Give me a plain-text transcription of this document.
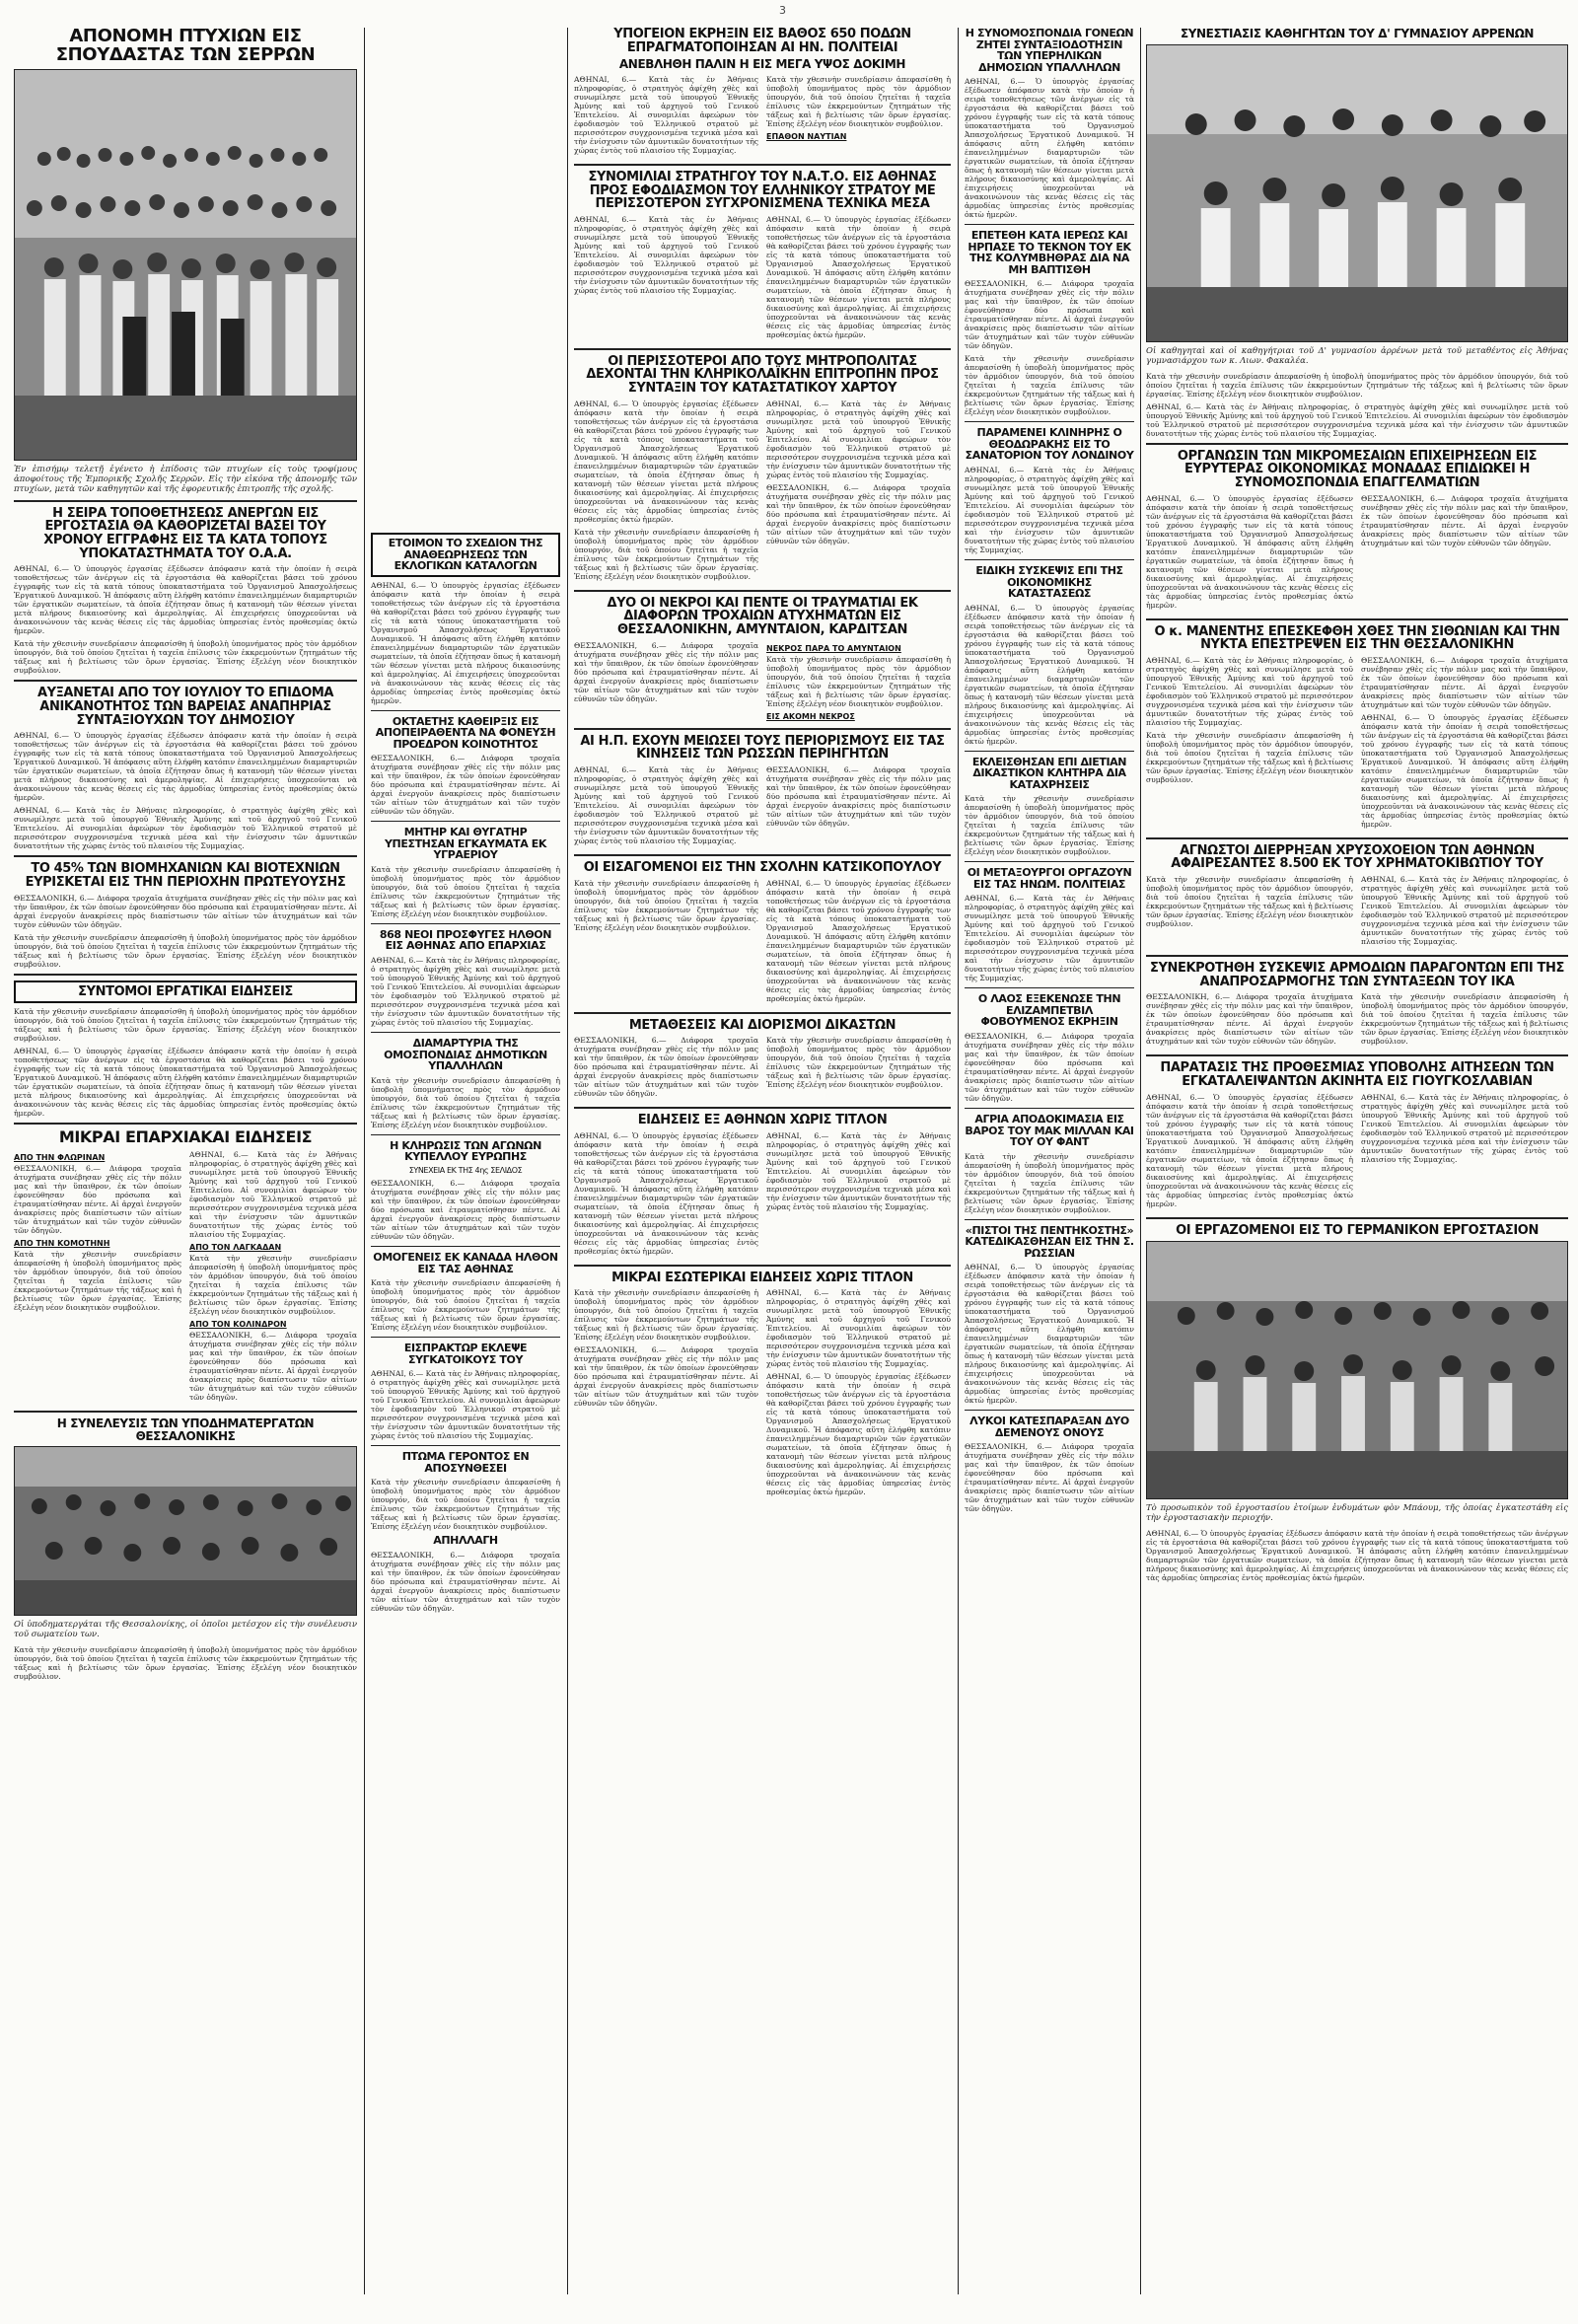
3
ΑΠΟΝΟΜΗ ΠΤΥΧΙΩΝ ΕΙΣ ΣΠΟΥΔΑΣΤΑΣ ΤΩΝ ΣΕΡΡΩΝ
Ἐν ἐπισήμῳ τελετῇ ἐγένετο ἡ ἐπίδοσις τῶν πτυχίων εἰς τοὺς τροφίμους ἀποφοίτους τῆς Ἐμπορικῆς Σχολῆς Σερρῶν. Εἰς τὴν εἰκόνα τῆς ἀπονομῆς τῶν πτυχίων, μετὰ τῶν καθηγητῶν καὶ τῆς ἐφορευτικῆς ἐπιτροπῆς τῆς σχολῆς.
Η ΣΕΙΡΑ ΤΟΠΟΘΕΤΗΣΕΩΣ ΑΝΕΡΓΩΝ ΕΙΣ ΕΡΓΟΣΤΑΣΙΑ ΘΑ ΚΑΘΟΡΙΖΕΤΑΙ ΒΑΣΕΙ ΤΟΥ ΧΡΟΝΟΥ ΕΓΓΡΑΦΗΣ ΕΙΣ ΤΑ ΚΑΤΑ ΤΟΠΟΥΣ ΥΠΟΚΑΤΑΣΤΗΜΑΤΑ ΤΟΥ Ο.Α.Α.
ΑΘΗΝΑΙ, 6.— Ὁ ὑπουργὸς ἐργασίας ἐξέδωσεν ἀπόφασιν κατὰ τὴν ὁποίαν ἡ σειρὰ τοποθετήσεως τῶν ἀνέργων εἰς τὰ ἐργοστάσια θὰ καθορίζεται βάσει τοῦ χρόνου ἐγγραφῆς των εἰς τὰ κατὰ τόπους ὑποκαταστήματα τοῦ Ὀργανισμοῦ Ἀπασχολήσεως Ἐργατικοῦ Δυναμικοῦ. Ἡ ἀπόφασις αὕτη ἐλήφθη κατόπιν ἐπανειλημμένων διαμαρτυριῶν τῶν ἐργατικῶν σωματείων, τὰ ὁποῖα ἐζήτησαν ὅπως ἡ κατανομὴ τῶν θέσεων γίνεται μετὰ πλήρους δικαιοσύνης καὶ ἀμεροληψίας. Αἱ ἐπιχειρήσεις ὑποχρεοῦνται νὰ ἀνακοινώνουν τὰς κενὰς θέσεις εἰς τὰς ἁρμοδίας ὑπηρεσίας ἐντὸς προθεσμίας ὀκτὼ ἡμερῶν.
Κατὰ τὴν χθεσινὴν συνεδρίασιν ἀπεφασίσθη ἡ ὑποβολὴ ὑπομνήματος πρὸς τὸν ἁρμόδιον ὑπουργόν, διὰ τοῦ ὁποίου ζητεῖται ἡ ταχεῖα ἐπίλυσις τῶν ἐκκρεμούντων ζητημάτων τῆς τάξεως καὶ ἡ βελτίωσις τῶν ὅρων ἐργασίας. Ἐπίσης ἐξελέγη νέον διοικητικὸν συμβούλιον.
ΑΥΞΑΝΕΤΑΙ ΑΠΟ ΤΟΥ ΙΟΥΛΙΟΥ ΤΟ ΕΠΙΔΟΜΑ ΑΝΙΚΑΝΟΤΗΤΟΣ ΤΩΝ ΒΑΡΕΙΑΣ ΑΝΑΠΗΡΙΑΣ ΣΥΝΤΑΞΙΟΥΧΩΝ ΤΟΥ ΔΗΜΟΣΙΟΥ
ΑΘΗΝΑΙ, 6.— Ὁ ὑπουργὸς ἐργασίας ἐξέδωσεν ἀπόφασιν κατὰ τὴν ὁποίαν ἡ σειρὰ τοποθετήσεως τῶν ἀνέργων εἰς τὰ ἐργοστάσια θὰ καθορίζεται βάσει τοῦ χρόνου ἐγγραφῆς των εἰς τὰ κατὰ τόπους ὑποκαταστήματα τοῦ Ὀργανισμοῦ Ἀπασχολήσεως Ἐργατικοῦ Δυναμικοῦ. Ἡ ἀπόφασις αὕτη ἐλήφθη κατόπιν ἐπανειλημμένων διαμαρτυριῶν τῶν ἐργατικῶν σωματείων, τὰ ὁποῖα ἐζήτησαν ὅπως ἡ κατανομὴ τῶν θέσεων γίνεται μετὰ πλήρους δικαιοσύνης καὶ ἀμεροληψίας. Αἱ ἐπιχειρήσεις ὑποχρεοῦνται νὰ ἀνακοινώνουν τὰς κενὰς θέσεις εἰς τὰς ἁρμοδίας ὑπηρεσίας ἐντὸς προθεσμίας ὀκτὼ ἡμερῶν.
ΑΘΗΝΑΙ, 6.— Κατὰ τὰς ἐν Ἀθήναις πληροφορίας, ὁ στρατηγὸς ἀφίχθη χθὲς καὶ συνωμίλησε μετὰ τοῦ ὑπουργοῦ Ἐθνικῆς Ἀμύνης καὶ τοῦ ἀρχηγοῦ τοῦ Γενικοῦ Ἐπιτελείου. Αἱ συνομιλίαι ἀφεώρων τὸν ἐφοδιασμὸν τοῦ Ἑλληνικοῦ στρατοῦ μὲ περισσότερον συγχρονισμένα τεχνικὰ μέσα καὶ τὴν ἐνίσχυσιν τῶν ἀμυντικῶν δυνατοτήτων τῆς χώρας ἐντὸς τοῦ πλαισίου τῆς Συμμαχίας.
ΤΟ 45% ΤΩΝ ΒΙΟΜΗΧΑΝΙΩΝ ΚΑΙ ΒΙΟΤΕΧΝΙΩΝ ΕΥΡΙΣΚΕΤΑΙ ΕΙΣ ΤΗΝ ΠΕΡΙΟΧΗΝ ΠΡΩΤΕΥΟΥΣΗΣ
ΘΕΣΣΑΛΟΝΙΚΗ, 6.— Διάφορα τροχαῖα ἀτυχήματα συνέβησαν χθὲς εἰς τὴν πόλιν μας καὶ τὴν ὕπαιθρον, ἐκ τῶν ὁποίων ἐφονεύθησαν δύο πρόσωπα καὶ ἐτραυματίσθησαν πέντε. Αἱ ἀρχαὶ ἐνεργοῦν ἀνακρίσεις πρὸς διαπίστωσιν τῶν αἰτίων τῶν ἀτυχημάτων καὶ τῶν τυχὸν εὐθυνῶν τῶν ὁδηγῶν.
Κατὰ τὴν χθεσινὴν συνεδρίασιν ἀπεφασίσθη ἡ ὑποβολὴ ὑπομνήματος πρὸς τὸν ἁρμόδιον ὑπουργόν, διὰ τοῦ ὁποίου ζητεῖται ἡ ταχεῖα ἐπίλυσις τῶν ἐκκρεμούντων ζητημάτων τῆς τάξεως καὶ ἡ βελτίωσις τῶν ὅρων ἐργασίας. Ἐπίσης ἐξελέγη νέον διοικητικὸν συμβούλιον.
ΣΥΝΤΟΜΟΙ ΕΡΓΑΤΙΚΑΙ ΕΙΔΗΣΕΙΣ
Κατὰ τὴν χθεσινὴν συνεδρίασιν ἀπεφασίσθη ἡ ὑποβολὴ ὑπομνήματος πρὸς τὸν ἁρμόδιον ὑπουργόν, διὰ τοῦ ὁποίου ζητεῖται ἡ ταχεῖα ἐπίλυσις τῶν ἐκκρεμούντων ζητημάτων τῆς τάξεως καὶ ἡ βελτίωσις τῶν ὅρων ἐργασίας. Ἐπίσης ἐξελέγη νέον διοικητικὸν συμβούλιον.
ΑΘΗΝΑΙ, 6.— Ὁ ὑπουργὸς ἐργασίας ἐξέδωσεν ἀπόφασιν κατὰ τὴν ὁποίαν ἡ σειρὰ τοποθετήσεως τῶν ἀνέργων εἰς τὰ ἐργοστάσια θὰ καθορίζεται βάσει τοῦ χρόνου ἐγγραφῆς των εἰς τὰ κατὰ τόπους ὑποκαταστήματα τοῦ Ὀργανισμοῦ Ἀπασχολήσεως Ἐργατικοῦ Δυναμικοῦ. Ἡ ἀπόφασις αὕτη ἐλήφθη κατόπιν ἐπανειλημμένων διαμαρτυριῶν τῶν ἐργατικῶν σωματείων, τὰ ὁποῖα ἐζήτησαν ὅπως ἡ κατανομὴ τῶν θέσεων γίνεται μετὰ πλήρους δικαιοσύνης καὶ ἀμεροληψίας. Αἱ ἐπιχειρήσεις ὑποχρεοῦνται νὰ ἀνακοινώνουν τὰς κενὰς θέσεις εἰς τὰς ἁρμοδίας ὑπηρεσίας ἐντὸς προθεσμίας ὀκτὼ ἡμερῶν.
ΜΙΚΡΑΙ ΕΠΑΡΧΙΑΚΑΙ ΕΙΔΗΣΕΙΣ
ΑΠΟ ΤΗΝ ΦΛΩΡΙΝΑΝ
ΘΕΣΣΑΛΟΝΙΚΗ, 6.— Διάφορα τροχαῖα ἀτυχήματα συνέβησαν χθὲς εἰς τὴν πόλιν μας καὶ τὴν ὕπαιθρον, ἐκ τῶν ὁποίων ἐφονεύθησαν δύο πρόσωπα καὶ ἐτραυματίσθησαν πέντε. Αἱ ἀρχαὶ ἐνεργοῦν ἀνακρίσεις πρὸς διαπίστωσιν τῶν αἰτίων τῶν ἀτυχημάτων καὶ τῶν τυχὸν εὐθυνῶν τῶν ὁδηγῶν.
ΑΠΟ ΤΗΝ ΚΟΜΟΤΗΝΗ
Κατὰ τὴν χθεσινὴν συνεδρίασιν ἀπεφασίσθη ἡ ὑποβολὴ ὑπομνήματος πρὸς τὸν ἁρμόδιον ὑπουργόν, διὰ τοῦ ὁποίου ζητεῖται ἡ ταχεῖα ἐπίλυσις τῶν ἐκκρεμούντων ζητημάτων τῆς τάξεως καὶ ἡ βελτίωσις τῶν ὅρων ἐργασίας. Ἐπίσης ἐξελέγη νέον διοικητικὸν συμβούλιον.
ΑΘΗΝΑΙ, 6.— Κατὰ τὰς ἐν Ἀθήναις πληροφορίας, ὁ στρατηγὸς ἀφίχθη χθὲς καὶ συνωμίλησε μετὰ τοῦ ὑπουργοῦ Ἐθνικῆς Ἀμύνης καὶ τοῦ ἀρχηγοῦ τοῦ Γενικοῦ Ἐπιτελείου. Αἱ συνομιλίαι ἀφεώρων τὸν ἐφοδιασμὸν τοῦ Ἑλληνικοῦ στρατοῦ μὲ περισσότερον συγχρονισμένα τεχνικὰ μέσα καὶ τὴν ἐνίσχυσιν τῶν ἀμυντικῶν δυνατοτήτων τῆς χώρας ἐντὸς τοῦ πλαισίου τῆς Συμμαχίας.
ΑΠΟ ΤΟΝ ΛΑΓΚΑΔΑΝ
Κατὰ τὴν χθεσινὴν συνεδρίασιν ἀπεφασίσθη ἡ ὑποβολὴ ὑπομνήματος πρὸς τὸν ἁρμόδιον ὑπουργόν, διὰ τοῦ ὁποίου ζητεῖται ἡ ταχεῖα ἐπίλυσις τῶν ἐκκρεμούντων ζητημάτων τῆς τάξεως καὶ ἡ βελτίωσις τῶν ὅρων ἐργασίας. Ἐπίσης ἐξελέγη νέον διοικητικὸν συμβούλιον.
ΑΠΟ ΤΟΝ ΚΟΛΙΝΔΡΟΝ
ΘΕΣΣΑΛΟΝΙΚΗ, 6.— Διάφορα τροχαῖα ἀτυχήματα συνέβησαν χθὲς εἰς τὴν πόλιν μας καὶ τὴν ὕπαιθρον, ἐκ τῶν ὁποίων ἐφονεύθησαν δύο πρόσωπα καὶ ἐτραυματίσθησαν πέντε. Αἱ ἀρχαὶ ἐνεργοῦν ἀνακρίσεις πρὸς διαπίστωσιν τῶν αἰτίων τῶν ἀτυχημάτων καὶ τῶν τυχὸν εὐθυνῶν τῶν ὁδηγῶν.
Η ΣΥΝΕΛΕΥΣΙΣ ΤΩΝ ΥΠΟΔΗΜΑΤΕΡΓΑΤΩΝ ΘΕΣΣΑΛΟΝΙΚΗΣ
Οἱ ὑποδηματεργάται τῆς Θεσσαλονίκης, οἱ ὁποῖοι μετέσχον εἰς τὴν συνέλευσιν τοῦ σωματείου των.
Κατὰ τὴν χθεσινὴν συνεδρίασιν ἀπεφασίσθη ἡ ὑποβολὴ ὑπομνήματος πρὸς τὸν ἁρμόδιον ὑπουργόν, διὰ τοῦ ὁποίου ζητεῖται ἡ ταχεῖα ἐπίλυσις τῶν ἐκκρεμούντων ζητημάτων τῆς τάξεως καὶ ἡ βελτίωσις τῶν ὅρων ἐργασίας. Ἐπίσης ἐξελέγη νέον διοικητικὸν συμβούλιον.
ΕΤΟΙΜΟΝ ΤΟ ΣΧΕΔΙΟΝ ΤΗΣ ΑΝΑΘΕΩΡΗΣΕΩΣ ΤΩΝ ΕΚΛΟΓΙΚΩΝ ΚΑΤΑΛΟΓΩΝ
ΑΘΗΝΑΙ, 6.— Ὁ ὑπουργὸς ἐργασίας ἐξέδωσεν ἀπόφασιν κατὰ τὴν ὁποίαν ἡ σειρὰ τοποθετήσεως τῶν ἀνέργων εἰς τὰ ἐργοστάσια θὰ καθορίζεται βάσει τοῦ χρόνου ἐγγραφῆς των εἰς τὰ κατὰ τόπους ὑποκαταστήματα τοῦ Ὀργανισμοῦ Ἀπασχολήσεως Ἐργατικοῦ Δυναμικοῦ. Ἡ ἀπόφασις αὕτη ἐλήφθη κατόπιν ἐπανειλημμένων διαμαρτυριῶν τῶν ἐργατικῶν σωματείων, τὰ ὁποῖα ἐζήτησαν ὅπως ἡ κατανομὴ τῶν θέσεων γίνεται μετὰ πλήρους δικαιοσύνης καὶ ἀμεροληψίας. Αἱ ἐπιχειρήσεις ὑποχρεοῦνται νὰ ἀνακοινώνουν τὰς κενὰς θέσεις εἰς τὰς ἁρμοδίας ὑπηρεσίας ἐντὸς προθεσμίας ὀκτὼ ἡμερῶν.
ΟΚΤΑΕΤΗΣ ΚΑΘΕΙΡΞΙΣ ΕΙΣ ΑΠΟΠΕΙΡΑΘΕΝΤΑ ΝΑ ΦΟΝΕΥΣΗ ΠΡΟΕΔΡΟΝ ΚΟΙΝΟΤΗΤΟΣ
ΘΕΣΣΑΛΟΝΙΚΗ, 6.— Διάφορα τροχαῖα ἀτυχήματα συνέβησαν χθὲς εἰς τὴν πόλιν μας καὶ τὴν ὕπαιθρον, ἐκ τῶν ὁποίων ἐφονεύθησαν δύο πρόσωπα καὶ ἐτραυματίσθησαν πέντε. Αἱ ἀρχαὶ ἐνεργοῦν ἀνακρίσεις πρὸς διαπίστωσιν τῶν αἰτίων τῶν ἀτυχημάτων καὶ τῶν τυχὸν εὐθυνῶν τῶν ὁδηγῶν.
ΜΗΤΗΡ ΚΑΙ ΘΥΓΑΤΗΡ ΥΠΕΣΤΗΣΑΝ ΕΓΚΑΥΜΑΤΑ ΕΚ ΥΓΡΑΕΡΙΟΥ
Κατὰ τὴν χθεσινὴν συνεδρίασιν ἀπεφασίσθη ἡ ὑποβολὴ ὑπομνήματος πρὸς τὸν ἁρμόδιον ὑπουργόν, διὰ τοῦ ὁποίου ζητεῖται ἡ ταχεῖα ἐπίλυσις τῶν ἐκκρεμούντων ζητημάτων τῆς τάξεως καὶ ἡ βελτίωσις τῶν ὅρων ἐργασίας. Ἐπίσης ἐξελέγη νέον διοικητικὸν συμβούλιον.
868 ΝΕΟΙ ΠΡΟΣΦΥΓΕΣ ΗΛΘΟΝ ΕΙΣ ΑΘΗΝΑΣ ΑΠΟ ΕΠΑΡΧΙΑΣ
ΑΘΗΝΑΙ, 6.— Κατὰ τὰς ἐν Ἀθήναις πληροφορίας, ὁ στρατηγὸς ἀφίχθη χθὲς καὶ συνωμίλησε μετὰ τοῦ ὑπουργοῦ Ἐθνικῆς Ἀμύνης καὶ τοῦ ἀρχηγοῦ τοῦ Γενικοῦ Ἐπιτελείου. Αἱ συνομιλίαι ἀφεώρων τὸν ἐφοδιασμὸν τοῦ Ἑλληνικοῦ στρατοῦ μὲ περισσότερον συγχρονισμένα τεχνικὰ μέσα καὶ τὴν ἐνίσχυσιν τῶν ἀμυντικῶν δυνατοτήτων τῆς χώρας ἐντὸς τοῦ πλαισίου τῆς Συμμαχίας.
ΔΙΑΜΑΡΤΥΡΙΑ ΤΗΣ ΟΜΟΣΠΟΝΔΙΑΣ ΔΗΜΟΤΙΚΩΝ ΥΠΑΛΛΗΛΩΝ
Κατὰ τὴν χθεσινὴν συνεδρίασιν ἀπεφασίσθη ἡ ὑποβολὴ ὑπομνήματος πρὸς τὸν ἁρμόδιον ὑπουργόν, διὰ τοῦ ὁποίου ζητεῖται ἡ ταχεῖα ἐπίλυσις τῶν ἐκκρεμούντων ζητημάτων τῆς τάξεως καὶ ἡ βελτίωσις τῶν ὅρων ἐργασίας. Ἐπίσης ἐξελέγη νέον διοικητικὸν συμβούλιον.
Η ΚΛΗΡΩΣΙΣ ΤΩΝ ΑΓΩΝΩΝ ΚΥΠΕΛΛΟΥ ΕΥΡΩΠΗΣ
ΣΥΝΕΧΕΙΑ ΕΚ ΤΗΣ 4ης ΣΕΛΙΔΟΣ
ΘΕΣΣΑΛΟΝΙΚΗ, 6.— Διάφορα τροχαῖα ἀτυχήματα συνέβησαν χθὲς εἰς τὴν πόλιν μας καὶ τὴν ὕπαιθρον, ἐκ τῶν ὁποίων ἐφονεύθησαν δύο πρόσωπα καὶ ἐτραυματίσθησαν πέντε. Αἱ ἀρχαὶ ἐνεργοῦν ἀνακρίσεις πρὸς διαπίστωσιν τῶν αἰτίων τῶν ἀτυχημάτων καὶ τῶν τυχὸν εὐθυνῶν τῶν ὁδηγῶν.
ΟΜΟΓΕΝΕΙΣ ΕΚ ΚΑΝΑΔΑ ΗΛΘΟΝ ΕΙΣ ΤΑΣ ΑΘΗΝΑΣ
Κατὰ τὴν χθεσινὴν συνεδρίασιν ἀπεφασίσθη ἡ ὑποβολὴ ὑπομνήματος πρὸς τὸν ἁρμόδιον ὑπουργόν, διὰ τοῦ ὁποίου ζητεῖται ἡ ταχεῖα ἐπίλυσις τῶν ἐκκρεμούντων ζητημάτων τῆς τάξεως καὶ ἡ βελτίωσις τῶν ὅρων ἐργασίας. Ἐπίσης ἐξελέγη νέον διοικητικὸν συμβούλιον.
ΕΙΣΠΡΑΚΤΩΡ ΕΚΛΕΨΕ ΣΥΓΚΑΤΟΙΚΟΥΣ ΤΟΥ
ΑΘΗΝΑΙ, 6.— Κατὰ τὰς ἐν Ἀθήναις πληροφορίας, ὁ στρατηγὸς ἀφίχθη χθὲς καὶ συνωμίλησε μετὰ τοῦ ὑπουργοῦ Ἐθνικῆς Ἀμύνης καὶ τοῦ ἀρχηγοῦ τοῦ Γενικοῦ Ἐπιτελείου. Αἱ συνομιλίαι ἀφεώρων τὸν ἐφοδιασμὸν τοῦ Ἑλληνικοῦ στρατοῦ μὲ περισσότερον συγχρονισμένα τεχνικὰ μέσα καὶ τὴν ἐνίσχυσιν τῶν ἀμυντικῶν δυνατοτήτων τῆς χώρας ἐντὸς τοῦ πλαισίου τῆς Συμμαχίας.
ΠΤΩΜΑ ΓΕΡΟΝΤΟΣ ΕΝ ΑΠΟΣΥΝΘΕΣΕΙ
Κατὰ τὴν χθεσινὴν συνεδρίασιν ἀπεφασίσθη ἡ ὑποβολὴ ὑπομνήματος πρὸς τὸν ἁρμόδιον ὑπουργόν, διὰ τοῦ ὁποίου ζητεῖται ἡ ταχεῖα ἐπίλυσις τῶν ἐκκρεμούντων ζητημάτων τῆς τάξεως καὶ ἡ βελτίωσις τῶν ὅρων ἐργασίας. Ἐπίσης ἐξελέγη νέον διοικητικὸν συμβούλιον.
ΑΠΗΛΛΑΓΗ
ΘΕΣΣΑΛΟΝΙΚΗ, 6.— Διάφορα τροχαῖα ἀτυχήματα συνέβησαν χθὲς εἰς τὴν πόλιν μας καὶ τὴν ὕπαιθρον, ἐκ τῶν ὁποίων ἐφονεύθησαν δύο πρόσωπα καὶ ἐτραυματίσθησαν πέντε. Αἱ ἀρχαὶ ἐνεργοῦν ἀνακρίσεις πρὸς διαπίστωσιν τῶν αἰτίων τῶν ἀτυχημάτων καὶ τῶν τυχὸν εὐθυνῶν τῶν ὁδηγῶν.
ΥΠΟΓΕΙΟΝ ΕΚΡΗΞΙΝ ΕΙΣ ΒΑΘΟΣ 650 ΠΟΔΩΝ ΕΠΡΑΓΜΑΤΟΠΟΙΗΣΑΝ ΑΙ ΗΝ. ΠΟΛΙΤΕΙΑΙ
ΑΝΕΒΛΗΘΗ ΠΑΛΙΝ Η ΕΙΣ ΜΕΓΑ ΥΨΟΣ ΔΟΚΙΜΗ
ΑΘΗΝΑΙ, 6.— Κατὰ τὰς ἐν Ἀθήναις πληροφορίας, ὁ στρατηγὸς ἀφίχθη χθὲς καὶ συνωμίλησε μετὰ τοῦ ὑπουργοῦ Ἐθνικῆς Ἀμύνης καὶ τοῦ ἀρχηγοῦ τοῦ Γενικοῦ Ἐπιτελείου. Αἱ συνομιλίαι ἀφεώρων τὸν ἐφοδιασμὸν τοῦ Ἑλληνικοῦ στρατοῦ μὲ περισσότερον συγχρονισμένα τεχνικὰ μέσα καὶ τὴν ἐνίσχυσιν τῶν ἀμυντικῶν δυνατοτήτων τῆς χώρας ἐντὸς τοῦ πλαισίου τῆς Συμμαχίας.
Κατὰ τὴν χθεσινὴν συνεδρίασιν ἀπεφασίσθη ἡ ὑποβολὴ ὑπομνήματος πρὸς τὸν ἁρμόδιον ὑπουργόν, διὰ τοῦ ὁποίου ζητεῖται ἡ ταχεῖα ἐπίλυσις τῶν ἐκκρεμούντων ζητημάτων τῆς τάξεως καὶ ἡ βελτίωσις τῶν ὅρων ἐργασίας. Ἐπίσης ἐξελέγη νέον διοικητικὸν συμβούλιον.
ΕΠΑΘΟΝ ΝΑΥΤΙΑΝ
ΣΥΝΟΜΙΛΙΑΙ ΣΤΡΑΤΗΓΟΥ ΤΟΥ Ν.Α.Τ.Ο. ΕΙΣ ΑΘΗΝΑΣ ΠΡΟΣ ΕΦΟΔΙΑΣΜΟΝ ΤΟΥ ΕΛΛΗΝΙΚΟΥ ΣΤΡΑΤΟΥ ΜΕ ΠΕΡΙΣΣΟΤΕΡΟΝ ΣΥΓΧΡΟΝΙΣΜΕΝΑ ΤΕΧΝΙΚΑ ΜΕΣΑ
ΑΘΗΝΑΙ, 6.— Κατὰ τὰς ἐν Ἀθήναις πληροφορίας, ὁ στρατηγὸς ἀφίχθη χθὲς καὶ συνωμίλησε μετὰ τοῦ ὑπουργοῦ Ἐθνικῆς Ἀμύνης καὶ τοῦ ἀρχηγοῦ τοῦ Γενικοῦ Ἐπιτελείου. Αἱ συνομιλίαι ἀφεώρων τὸν ἐφοδιασμὸν τοῦ Ἑλληνικοῦ στρατοῦ μὲ περισσότερον συγχρονισμένα τεχνικὰ μέσα καὶ τὴν ἐνίσχυσιν τῶν ἀμυντικῶν δυνατοτήτων τῆς χώρας ἐντὸς τοῦ πλαισίου τῆς Συμμαχίας.
ΑΘΗΝΑΙ, 6.— Ὁ ὑπουργὸς ἐργασίας ἐξέδωσεν ἀπόφασιν κατὰ τὴν ὁποίαν ἡ σειρὰ τοποθετήσεως τῶν ἀνέργων εἰς τὰ ἐργοστάσια θὰ καθορίζεται βάσει τοῦ χρόνου ἐγγραφῆς των εἰς τὰ κατὰ τόπους ὑποκαταστήματα τοῦ Ὀργανισμοῦ Ἀπασχολήσεως Ἐργατικοῦ Δυναμικοῦ. Ἡ ἀπόφασις αὕτη ἐλήφθη κατόπιν ἐπανειλημμένων διαμαρτυριῶν τῶν ἐργατικῶν σωματείων, τὰ ὁποῖα ἐζήτησαν ὅπως ἡ κατανομὴ τῶν θέσεων γίνεται μετὰ πλήρους δικαιοσύνης καὶ ἀμεροληψίας. Αἱ ἐπιχειρήσεις ὑποχρεοῦνται νὰ ἀνακοινώνουν τὰς κενὰς θέσεις εἰς τὰς ἁρμοδίας ὑπηρεσίας ἐντὸς προθεσμίας ὀκτὼ ἡμερῶν.
ΟΙ ΠΕΡΙΣΣΟΤΕΡΟΙ ΑΠΟ ΤΟΥΣ ΜΗΤΡΟΠΟΛΙΤΑΣ ΔΕΧΟΝΤΑΙ ΤΗΝ ΚΛΗΡΙΚΟΛΑΪΚΗΝ ΕΠΙΤΡΟΠΗΝ ΠΡΟΣ ΣΥΝΤΑΞΙΝ ΤΟΥ ΚΑΤΑΣΤΑΤΙΚΟΥ ΧΑΡΤΟΥ
ΑΘΗΝΑΙ, 6.— Ὁ ὑπουργὸς ἐργασίας ἐξέδωσεν ἀπόφασιν κατὰ τὴν ὁποίαν ἡ σειρὰ τοποθετήσεως τῶν ἀνέργων εἰς τὰ ἐργοστάσια θὰ καθορίζεται βάσει τοῦ χρόνου ἐγγραφῆς των εἰς τὰ κατὰ τόπους ὑποκαταστήματα τοῦ Ὀργανισμοῦ Ἀπασχολήσεως Ἐργατικοῦ Δυναμικοῦ. Ἡ ἀπόφασις αὕτη ἐλήφθη κατόπιν ἐπανειλημμένων διαμαρτυριῶν τῶν ἐργατικῶν σωματείων, τὰ ὁποῖα ἐζήτησαν ὅπως ἡ κατανομὴ τῶν θέσεων γίνεται μετὰ πλήρους δικαιοσύνης καὶ ἀμεροληψίας. Αἱ ἐπιχειρήσεις ὑποχρεοῦνται νὰ ἀνακοινώνουν τὰς κενὰς θέσεις εἰς τὰς ἁρμοδίας ὑπηρεσίας ἐντὸς προθεσμίας ὀκτὼ ἡμερῶν.
Κατὰ τὴν χθεσινὴν συνεδρίασιν ἀπεφασίσθη ἡ ὑποβολὴ ὑπομνήματος πρὸς τὸν ἁρμόδιον ὑπουργόν, διὰ τοῦ ὁποίου ζητεῖται ἡ ταχεῖα ἐπίλυσις τῶν ἐκκρεμούντων ζητημάτων τῆς τάξεως καὶ ἡ βελτίωσις τῶν ὅρων ἐργασίας. Ἐπίσης ἐξελέγη νέον διοικητικὸν συμβούλιον.
ΑΘΗΝΑΙ, 6.— Κατὰ τὰς ἐν Ἀθήναις πληροφορίας, ὁ στρατηγὸς ἀφίχθη χθὲς καὶ συνωμίλησε μετὰ τοῦ ὑπουργοῦ Ἐθνικῆς Ἀμύνης καὶ τοῦ ἀρχηγοῦ τοῦ Γενικοῦ Ἐπιτελείου. Αἱ συνομιλίαι ἀφεώρων τὸν ἐφοδιασμὸν τοῦ Ἑλληνικοῦ στρατοῦ μὲ περισσότερον συγχρονισμένα τεχνικὰ μέσα καὶ τὴν ἐνίσχυσιν τῶν ἀμυντικῶν δυνατοτήτων τῆς χώρας ἐντὸς τοῦ πλαισίου τῆς Συμμαχίας.
ΘΕΣΣΑΛΟΝΙΚΗ, 6.— Διάφορα τροχαῖα ἀτυχήματα συνέβησαν χθὲς εἰς τὴν πόλιν μας καὶ τὴν ὕπαιθρον, ἐκ τῶν ὁποίων ἐφονεύθησαν δύο πρόσωπα καὶ ἐτραυματίσθησαν πέντε. Αἱ ἀρχαὶ ἐνεργοῦν ἀνακρίσεις πρὸς διαπίστωσιν τῶν αἰτίων τῶν ἀτυχημάτων καὶ τῶν τυχὸν εὐθυνῶν τῶν ὁδηγῶν.
ΔΥΟ ΟΙ ΝΕΚΡΟΙ ΚΑΙ ΠΕΝΤΕ ΟΙ ΤΡΑΥΜΑΤΙΑΙ ΕΚ ΔΙΑΦΟΡΩΝ ΤΡΟΧΑΙΩΝ ΑΤΥΧΗΜΑΤΩΝ ΕΙΣ ΘΕΣΣΑΛΟΝΙΚΗΝ, ΑΜΥΝΤΑΙΟΝ, ΚΑΡΔΙΤΣΑΝ
ΘΕΣΣΑΛΟΝΙΚΗ, 6.— Διάφορα τροχαῖα ἀτυχήματα συνέβησαν χθὲς εἰς τὴν πόλιν μας καὶ τὴν ὕπαιθρον, ἐκ τῶν ὁποίων ἐφονεύθησαν δύο πρόσωπα καὶ ἐτραυματίσθησαν πέντε. Αἱ ἀρχαὶ ἐνεργοῦν ἀνακρίσεις πρὸς διαπίστωσιν τῶν αἰτίων τῶν ἀτυχημάτων καὶ τῶν τυχὸν εὐθυνῶν τῶν ὁδηγῶν.
ΝΕΚΡΟΣ ΠΑΡΑ ΤΟ ΑΜΥΝΤΑΙΟΝ
Κατὰ τὴν χθεσινὴν συνεδρίασιν ἀπεφασίσθη ἡ ὑποβολὴ ὑπομνήματος πρὸς τὸν ἁρμόδιον ὑπουργόν, διὰ τοῦ ὁποίου ζητεῖται ἡ ταχεῖα ἐπίλυσις τῶν ἐκκρεμούντων ζητημάτων τῆς τάξεως καὶ ἡ βελτίωσις τῶν ὅρων ἐργασίας. Ἐπίσης ἐξελέγη νέον διοικητικὸν συμβούλιον.
ΕΙΣ ΑΚΟΜΗ ΝΕΚΡΟΣ
ΑΙ Η.Π. ΕΧΟΥΝ ΜΕΙΩΣΕΙ ΤΟΥΣ ΠΕΡΙΟΡΙΣΜΟΥΣ ΕΙΣ ΤΑΣ ΚΙΝΗΣΕΙΣ ΤΩΝ ΡΩΣΣΩΝ ΠΕΡΙΗΓΗΤΩΝ
ΑΘΗΝΑΙ, 6.— Κατὰ τὰς ἐν Ἀθήναις πληροφορίας, ὁ στρατηγὸς ἀφίχθη χθὲς καὶ συνωμίλησε μετὰ τοῦ ὑπουργοῦ Ἐθνικῆς Ἀμύνης καὶ τοῦ ἀρχηγοῦ τοῦ Γενικοῦ Ἐπιτελείου. Αἱ συνομιλίαι ἀφεώρων τὸν ἐφοδιασμὸν τοῦ Ἑλληνικοῦ στρατοῦ μὲ περισσότερον συγχρονισμένα τεχνικὰ μέσα καὶ τὴν ἐνίσχυσιν τῶν ἀμυντικῶν δυνατοτήτων τῆς χώρας ἐντὸς τοῦ πλαισίου τῆς Συμμαχίας.
ΘΕΣΣΑΛΟΝΙΚΗ, 6.— Διάφορα τροχαῖα ἀτυχήματα συνέβησαν χθὲς εἰς τὴν πόλιν μας καὶ τὴν ὕπαιθρον, ἐκ τῶν ὁποίων ἐφονεύθησαν δύο πρόσωπα καὶ ἐτραυματίσθησαν πέντε. Αἱ ἀρχαὶ ἐνεργοῦν ἀνακρίσεις πρὸς διαπίστωσιν τῶν αἰτίων τῶν ἀτυχημάτων καὶ τῶν τυχὸν εὐθυνῶν τῶν ὁδηγῶν.
ΟΙ ΕΙΣΑΓΟΜΕΝΟΙ ΕΙΣ ΤΗΝ ΣΧΟΛΗΝ ΚΑΤΣΙΚΟΠΟΥΛΟΥ
Κατὰ τὴν χθεσινὴν συνεδρίασιν ἀπεφασίσθη ἡ ὑποβολὴ ὑπομνήματος πρὸς τὸν ἁρμόδιον ὑπουργόν, διὰ τοῦ ὁποίου ζητεῖται ἡ ταχεῖα ἐπίλυσις τῶν ἐκκρεμούντων ζητημάτων τῆς τάξεως καὶ ἡ βελτίωσις τῶν ὅρων ἐργασίας. Ἐπίσης ἐξελέγη νέον διοικητικὸν συμβούλιον.
ΑΘΗΝΑΙ, 6.— Ὁ ὑπουργὸς ἐργασίας ἐξέδωσεν ἀπόφασιν κατὰ τὴν ὁποίαν ἡ σειρὰ τοποθετήσεως τῶν ἀνέργων εἰς τὰ ἐργοστάσια θὰ καθορίζεται βάσει τοῦ χρόνου ἐγγραφῆς των εἰς τὰ κατὰ τόπους ὑποκαταστήματα τοῦ Ὀργανισμοῦ Ἀπασχολήσεως Ἐργατικοῦ Δυναμικοῦ. Ἡ ἀπόφασις αὕτη ἐλήφθη κατόπιν ἐπανειλημμένων διαμαρτυριῶν τῶν ἐργατικῶν σωματείων, τὰ ὁποῖα ἐζήτησαν ὅπως ἡ κατανομὴ τῶν θέσεων γίνεται μετὰ πλήρους δικαιοσύνης καὶ ἀμεροληψίας. Αἱ ἐπιχειρήσεις ὑποχρεοῦνται νὰ ἀνακοινώνουν τὰς κενὰς θέσεις εἰς τὰς ἁρμοδίας ὑπηρεσίας ἐντὸς προθεσμίας ὀκτὼ ἡμερῶν.
ΜΕΤΑΘΕΣΕΙΣ ΚΑΙ ΔΙΟΡΙΣΜΟΙ ΔΙΚΑΣΤΩΝ
ΘΕΣΣΑΛΟΝΙΚΗ, 6.— Διάφορα τροχαῖα ἀτυχήματα συνέβησαν χθὲς εἰς τὴν πόλιν μας καὶ τὴν ὕπαιθρον, ἐκ τῶν ὁποίων ἐφονεύθησαν δύο πρόσωπα καὶ ἐτραυματίσθησαν πέντε. Αἱ ἀρχαὶ ἐνεργοῦν ἀνακρίσεις πρὸς διαπίστωσιν τῶν αἰτίων τῶν ἀτυχημάτων καὶ τῶν τυχὸν εὐθυνῶν τῶν ὁδηγῶν.
Κατὰ τὴν χθεσινὴν συνεδρίασιν ἀπεφασίσθη ἡ ὑποβολὴ ὑπομνήματος πρὸς τὸν ἁρμόδιον ὑπουργόν, διὰ τοῦ ὁποίου ζητεῖται ἡ ταχεῖα ἐπίλυσις τῶν ἐκκρεμούντων ζητημάτων τῆς τάξεως καὶ ἡ βελτίωσις τῶν ὅρων ἐργασίας. Ἐπίσης ἐξελέγη νέον διοικητικὸν συμβούλιον.
ΕΙΔΗΣΕΙΣ ΕΞ ΑΘΗΝΩΝ ΧΩΡΙΣ ΤΙΤΛΟΝ
ΑΘΗΝΑΙ, 6.— Ὁ ὑπουργὸς ἐργασίας ἐξέδωσεν ἀπόφασιν κατὰ τὴν ὁποίαν ἡ σειρὰ τοποθετήσεως τῶν ἀνέργων εἰς τὰ ἐργοστάσια θὰ καθορίζεται βάσει τοῦ χρόνου ἐγγραφῆς των εἰς τὰ κατὰ τόπους ὑποκαταστήματα τοῦ Ὀργανισμοῦ Ἀπασχολήσεως Ἐργατικοῦ Δυναμικοῦ. Ἡ ἀπόφασις αὕτη ἐλήφθη κατόπιν ἐπανειλημμένων διαμαρτυριῶν τῶν ἐργατικῶν σωματείων, τὰ ὁποῖα ἐζήτησαν ὅπως ἡ κατανομὴ τῶν θέσεων γίνεται μετὰ πλήρους δικαιοσύνης καὶ ἀμεροληψίας. Αἱ ἐπιχειρήσεις ὑποχρεοῦνται νὰ ἀνακοινώνουν τὰς κενὰς θέσεις εἰς τὰς ἁρμοδίας ὑπηρεσίας ἐντὸς προθεσμίας ὀκτὼ ἡμερῶν.
ΑΘΗΝΑΙ, 6.— Κατὰ τὰς ἐν Ἀθήναις πληροφορίας, ὁ στρατηγὸς ἀφίχθη χθὲς καὶ συνωμίλησε μετὰ τοῦ ὑπουργοῦ Ἐθνικῆς Ἀμύνης καὶ τοῦ ἀρχηγοῦ τοῦ Γενικοῦ Ἐπιτελείου. Αἱ συνομιλίαι ἀφεώρων τὸν ἐφοδιασμὸν τοῦ Ἑλληνικοῦ στρατοῦ μὲ περισσότερον συγχρονισμένα τεχνικὰ μέσα καὶ τὴν ἐνίσχυσιν τῶν ἀμυντικῶν δυνατοτήτων τῆς χώρας ἐντὸς τοῦ πλαισίου τῆς Συμμαχίας.
ΜΙΚΡΑΙ ΕΣΩΤΕΡΙΚΑΙ ΕΙΔΗΣΕΙΣ ΧΩΡΙΣ ΤΙΤΛΟΝ
Κατὰ τὴν χθεσινὴν συνεδρίασιν ἀπεφασίσθη ἡ ὑποβολὴ ὑπομνήματος πρὸς τὸν ἁρμόδιον ὑπουργόν, διὰ τοῦ ὁποίου ζητεῖται ἡ ταχεῖα ἐπίλυσις τῶν ἐκκρεμούντων ζητημάτων τῆς τάξεως καὶ ἡ βελτίωσις τῶν ὅρων ἐργασίας. Ἐπίσης ἐξελέγη νέον διοικητικὸν συμβούλιον.
ΘΕΣΣΑΛΟΝΙΚΗ, 6.— Διάφορα τροχαῖα ἀτυχήματα συνέβησαν χθὲς εἰς τὴν πόλιν μας καὶ τὴν ὕπαιθρον, ἐκ τῶν ὁποίων ἐφονεύθησαν δύο πρόσωπα καὶ ἐτραυματίσθησαν πέντε. Αἱ ἀρχαὶ ἐνεργοῦν ἀνακρίσεις πρὸς διαπίστωσιν τῶν αἰτίων τῶν ἀτυχημάτων καὶ τῶν τυχὸν εὐθυνῶν τῶν ὁδηγῶν.
ΑΘΗΝΑΙ, 6.— Κατὰ τὰς ἐν Ἀθήναις πληροφορίας, ὁ στρατηγὸς ἀφίχθη χθὲς καὶ συνωμίλησε μετὰ τοῦ ὑπουργοῦ Ἐθνικῆς Ἀμύνης καὶ τοῦ ἀρχηγοῦ τοῦ Γενικοῦ Ἐπιτελείου. Αἱ συνομιλίαι ἀφεώρων τὸν ἐφοδιασμὸν τοῦ Ἑλληνικοῦ στρατοῦ μὲ περισσότερον συγχρονισμένα τεχνικὰ μέσα καὶ τὴν ἐνίσχυσιν τῶν ἀμυντικῶν δυνατοτήτων τῆς χώρας ἐντὸς τοῦ πλαισίου τῆς Συμμαχίας.
ΑΘΗΝΑΙ, 6.— Ὁ ὑπουργὸς ἐργασίας ἐξέδωσεν ἀπόφασιν κατὰ τὴν ὁποίαν ἡ σειρὰ τοποθετήσεως τῶν ἀνέργων εἰς τὰ ἐργοστάσια θὰ καθορίζεται βάσει τοῦ χρόνου ἐγγραφῆς των εἰς τὰ κατὰ τόπους ὑποκαταστήματα τοῦ Ὀργανισμοῦ Ἀπασχολήσεως Ἐργατικοῦ Δυναμικοῦ. Ἡ ἀπόφασις αὕτη ἐλήφθη κατόπιν ἐπανειλημμένων διαμαρτυριῶν τῶν ἐργατικῶν σωματείων, τὰ ὁποῖα ἐζήτησαν ὅπως ἡ κατανομὴ τῶν θέσεων γίνεται μετὰ πλήρους δικαιοσύνης καὶ ἀμεροληψίας. Αἱ ἐπιχειρήσεις ὑποχρεοῦνται νὰ ἀνακοινώνουν τὰς κενὰς θέσεις εἰς τὰς ἁρμοδίας ὑπηρεσίας ἐντὸς προθεσμίας ὀκτὼ ἡμερῶν.
Η ΣΥΝΟΜΟΣΠΟΝΔΙΑ ΓΟΝΕΩΝ ΖΗΤΕΙ ΣΥΝΤΑΞΙΟΔΟΤΗΣΙΝ ΤΩΝ ΥΠΕΡΗΛΙΚΩΝ ΔΗΜΟΣΙΩΝ ΥΠΑΛΛΗΛΩΝ
ΑΘΗΝΑΙ, 6.— Ὁ ὑπουργὸς ἐργασίας ἐξέδωσεν ἀπόφασιν κατὰ τὴν ὁποίαν ἡ σειρὰ τοποθετήσεως τῶν ἀνέργων εἰς τὰ ἐργοστάσια θὰ καθορίζεται βάσει τοῦ χρόνου ἐγγραφῆς των εἰς τὰ κατὰ τόπους ὑποκαταστήματα τοῦ Ὀργανισμοῦ Ἀπασχολήσεως Ἐργατικοῦ Δυναμικοῦ. Ἡ ἀπόφασις αὕτη ἐλήφθη κατόπιν ἐπανειλημμένων διαμαρτυριῶν τῶν ἐργατικῶν σωματείων, τὰ ὁποῖα ἐζήτησαν ὅπως ἡ κατανομὴ τῶν θέσεων γίνεται μετὰ πλήρους δικαιοσύνης καὶ ἀμεροληψίας. Αἱ ἐπιχειρήσεις ὑποχρεοῦνται νὰ ἀνακοινώνουν τὰς κενὰς θέσεις εἰς τὰς ἁρμοδίας ὑπηρεσίας ἐντὸς προθεσμίας ὀκτὼ ἡμερῶν.
ΕΠΕΤΕΘΗ ΚΑΤΑ ΙΕΡΕΩΣ ΚΑΙ ΗΡΠΑΣΕ ΤΟ ΤΕΚΝΟΝ ΤΟΥ ΕΚ ΤΗΣ ΚΟΛΥΜΒΗΘΡΑΣ ΔΙΑ ΝΑ ΜΗ ΒΑΠΤΙΣΘΗ
ΘΕΣΣΑΛΟΝΙΚΗ, 6.— Διάφορα τροχαῖα ἀτυχήματα συνέβησαν χθὲς εἰς τὴν πόλιν μας καὶ τὴν ὕπαιθρον, ἐκ τῶν ὁποίων ἐφονεύθησαν δύο πρόσωπα καὶ ἐτραυματίσθησαν πέντε. Αἱ ἀρχαὶ ἐνεργοῦν ἀνακρίσεις πρὸς διαπίστωσιν τῶν αἰτίων τῶν ἀτυχημάτων καὶ τῶν τυχὸν εὐθυνῶν τῶν ὁδηγῶν.
Κατὰ τὴν χθεσινὴν συνεδρίασιν ἀπεφασίσθη ἡ ὑποβολὴ ὑπομνήματος πρὸς τὸν ἁρμόδιον ὑπουργόν, διὰ τοῦ ὁποίου ζητεῖται ἡ ταχεῖα ἐπίλυσις τῶν ἐκκρεμούντων ζητημάτων τῆς τάξεως καὶ ἡ βελτίωσις τῶν ὅρων ἐργασίας. Ἐπίσης ἐξελέγη νέον διοικητικὸν συμβούλιον.
ΠΑΡΑΜΕΝΕΙ ΚΛΙΝΗΡΗΣ Ο ΘΕΟΔΩΡΑΚΗΣ ΕΙΣ ΤΟ ΣΑΝΑΤΟΡΙΟΝ ΤΟΥ ΛΟΝΔΙΝΟΥ
ΑΘΗΝΑΙ, 6.— Κατὰ τὰς ἐν Ἀθήναις πληροφορίας, ὁ στρατηγὸς ἀφίχθη χθὲς καὶ συνωμίλησε μετὰ τοῦ ὑπουργοῦ Ἐθνικῆς Ἀμύνης καὶ τοῦ ἀρχηγοῦ τοῦ Γενικοῦ Ἐπιτελείου. Αἱ συνομιλίαι ἀφεώρων τὸν ἐφοδιασμὸν τοῦ Ἑλληνικοῦ στρατοῦ μὲ περισσότερον συγχρονισμένα τεχνικὰ μέσα καὶ τὴν ἐνίσχυσιν τῶν ἀμυντικῶν δυνατοτήτων τῆς χώρας ἐντὸς τοῦ πλαισίου τῆς Συμμαχίας.
ΕΙΔΙΚΗ ΣΥΣΚΕΨΙΣ ΕΠΙ ΤΗΣ ΟΙΚΟΝΟΜΙΚΗΣ ΚΑΤΑΣΤΑΣΕΩΣ
ΑΘΗΝΑΙ, 6.— Ὁ ὑπουργὸς ἐργασίας ἐξέδωσεν ἀπόφασιν κατὰ τὴν ὁποίαν ἡ σειρὰ τοποθετήσεως τῶν ἀνέργων εἰς τὰ ἐργοστάσια θὰ καθορίζεται βάσει τοῦ χρόνου ἐγγραφῆς των εἰς τὰ κατὰ τόπους ὑποκαταστήματα τοῦ Ὀργανισμοῦ Ἀπασχολήσεως Ἐργατικοῦ Δυναμικοῦ. Ἡ ἀπόφασις αὕτη ἐλήφθη κατόπιν ἐπανειλημμένων διαμαρτυριῶν τῶν ἐργατικῶν σωματείων, τὰ ὁποῖα ἐζήτησαν ὅπως ἡ κατανομὴ τῶν θέσεων γίνεται μετὰ πλήρους δικαιοσύνης καὶ ἀμεροληψίας. Αἱ ἐπιχειρήσεις ὑποχρεοῦνται νὰ ἀνακοινώνουν τὰς κενὰς θέσεις εἰς τὰς ἁρμοδίας ὑπηρεσίας ἐντὸς προθεσμίας ὀκτὼ ἡμερῶν.
ΕΚΛΕΙΣΘΗΣΑΝ ΕΠΙ ΔΙΕΤΙΑΝ ΔΙΚΑΣΤΙΚΟΝ ΚΛΗΤΗΡΑ ΔΙΑ ΚΑΤΑΧΡΗΣΕΙΣ
Κατὰ τὴν χθεσινὴν συνεδρίασιν ἀπεφασίσθη ἡ ὑποβολὴ ὑπομνήματος πρὸς τὸν ἁρμόδιον ὑπουργόν, διὰ τοῦ ὁποίου ζητεῖται ἡ ταχεῖα ἐπίλυσις τῶν ἐκκρεμούντων ζητημάτων τῆς τάξεως καὶ ἡ βελτίωσις τῶν ὅρων ἐργασίας. Ἐπίσης ἐξελέγη νέον διοικητικὸν συμβούλιον.
ΟΙ ΜΕΤΑΞΟΥΡΓΟΙ ΟΡΓΑΖΟΥΝ ΕΙΣ ΤΑΣ ΗΝΩΜ. ΠΟΛΙΤΕΙΑΣ
ΑΘΗΝΑΙ, 6.— Κατὰ τὰς ἐν Ἀθήναις πληροφορίας, ὁ στρατηγὸς ἀφίχθη χθὲς καὶ συνωμίλησε μετὰ τοῦ ὑπουργοῦ Ἐθνικῆς Ἀμύνης καὶ τοῦ ἀρχηγοῦ τοῦ Γενικοῦ Ἐπιτελείου. Αἱ συνομιλίαι ἀφεώρων τὸν ἐφοδιασμὸν τοῦ Ἑλληνικοῦ στρατοῦ μὲ περισσότερον συγχρονισμένα τεχνικὰ μέσα καὶ τὴν ἐνίσχυσιν τῶν ἀμυντικῶν δυνατοτήτων τῆς χώρας ἐντὸς τοῦ πλαισίου τῆς Συμμαχίας.
Ο ΛΑΟΣ ΕΞΕΚΕΝΩΣΕ ΤΗΝ ΕΛΙΖΑΜΠΕΤΒΙΛ ΦΟΒΟΥΜΕΝΟΣ ΕΚΡΗΞΙΝ
ΘΕΣΣΑΛΟΝΙΚΗ, 6.— Διάφορα τροχαῖα ἀτυχήματα συνέβησαν χθὲς εἰς τὴν πόλιν μας καὶ τὴν ὕπαιθρον, ἐκ τῶν ὁποίων ἐφονεύθησαν δύο πρόσωπα καὶ ἐτραυματίσθησαν πέντε. Αἱ ἀρχαὶ ἐνεργοῦν ἀνακρίσεις πρὸς διαπίστωσιν τῶν αἰτίων τῶν ἀτυχημάτων καὶ τῶν τυχὸν εὐθυνῶν τῶν ὁδηγῶν.
ΑΓΡΙΑ ΑΠΟΔΟΚΙΜΑΣΙΑ ΕΙΣ ΒΑΡΟΣ ΤΟΥ ΜΑΚ ΜΙΛΛΑΝ ΚΑΙ ΤΟΥ ΟΥ ΦΑΝΤ
Κατὰ τὴν χθεσινὴν συνεδρίασιν ἀπεφασίσθη ἡ ὑποβολὴ ὑπομνήματος πρὸς τὸν ἁρμόδιον ὑπουργόν, διὰ τοῦ ὁποίου ζητεῖται ἡ ταχεῖα ἐπίλυσις τῶν ἐκκρεμούντων ζητημάτων τῆς τάξεως καὶ ἡ βελτίωσις τῶν ὅρων ἐργασίας. Ἐπίσης ἐξελέγη νέον διοικητικὸν συμβούλιον.
«ΠΙΣΤΟΙ ΤΗΣ ΠΕΝΤΗΚΟΣΤΗΣ» ΚΑΤΕΔΙΚΑΣΘΗΣΑΝ ΕΙΣ ΤΗΝ Σ. ΡΩΣΣΙΑΝ
ΑΘΗΝΑΙ, 6.— Ὁ ὑπουργὸς ἐργασίας ἐξέδωσεν ἀπόφασιν κατὰ τὴν ὁποίαν ἡ σειρὰ τοποθετήσεως τῶν ἀνέργων εἰς τὰ ἐργοστάσια θὰ καθορίζεται βάσει τοῦ χρόνου ἐγγραφῆς των εἰς τὰ κατὰ τόπους ὑποκαταστήματα τοῦ Ὀργανισμοῦ Ἀπασχολήσεως Ἐργατικοῦ Δυναμικοῦ. Ἡ ἀπόφασις αὕτη ἐλήφθη κατόπιν ἐπανειλημμένων διαμαρτυριῶν τῶν ἐργατικῶν σωματείων, τὰ ὁποῖα ἐζήτησαν ὅπως ἡ κατανομὴ τῶν θέσεων γίνεται μετὰ πλήρους δικαιοσύνης καὶ ἀμεροληψίας. Αἱ ἐπιχειρήσεις ὑποχρεοῦνται νὰ ἀνακοινώνουν τὰς κενὰς θέσεις εἰς τὰς ἁρμοδίας ὑπηρεσίας ἐντὸς προθεσμίας ὀκτὼ ἡμερῶν.
ΛΥΚΟΙ ΚΑΤΕΣΠΑΡΑΞΑΝ ΔΥΟ ΔΕΜΕΝΟΥΣ ΟΝΟΥΣ
ΘΕΣΣΑΛΟΝΙΚΗ, 6.— Διάφορα τροχαῖα ἀτυχήματα συνέβησαν χθὲς εἰς τὴν πόλιν μας καὶ τὴν ὕπαιθρον, ἐκ τῶν ὁποίων ἐφονεύθησαν δύο πρόσωπα καὶ ἐτραυματίσθησαν πέντε. Αἱ ἀρχαὶ ἐνεργοῦν ἀνακρίσεις πρὸς διαπίστωσιν τῶν αἰτίων τῶν ἀτυχημάτων καὶ τῶν τυχὸν εὐθυνῶν τῶν ὁδηγῶν.
ΣΥΝΕΣΤΙΑΣΙΣ ΚΑΘΗΓΗΤΩΝ ΤΟΥ Δ' ΓΥΜΝΑΣΙΟΥ ΑΡΡΕΝΩΝ
Οἱ καθηγηταὶ καὶ οἱ καθηγήτριαι τοῦ Δ' γυμνασίου ἀρρένων μετὰ τοῦ μεταθέντος εἰς Ἀθήνας γυμνασιάρχου των κ. Λιων. Φακαλέα.
Κατὰ τὴν χθεσινὴν συνεδρίασιν ἀπεφασίσθη ἡ ὑποβολὴ ὑπομνήματος πρὸς τὸν ἁρμόδιον ὑπουργόν, διὰ τοῦ ὁποίου ζητεῖται ἡ ταχεῖα ἐπίλυσις τῶν ἐκκρεμούντων ζητημάτων τῆς τάξεως καὶ ἡ βελτίωσις τῶν ὅρων ἐργασίας. Ἐπίσης ἐξελέγη νέον διοικητικὸν συμβούλιον.
ΑΘΗΝΑΙ, 6.— Κατὰ τὰς ἐν Ἀθήναις πληροφορίας, ὁ στρατηγὸς ἀφίχθη χθὲς καὶ συνωμίλησε μετὰ τοῦ ὑπουργοῦ Ἐθνικῆς Ἀμύνης καὶ τοῦ ἀρχηγοῦ τοῦ Γενικοῦ Ἐπιτελείου. Αἱ συνομιλίαι ἀφεώρων τὸν ἐφοδιασμὸν τοῦ Ἑλληνικοῦ στρατοῦ μὲ περισσότερον συγχρονισμένα τεχνικὰ μέσα καὶ τὴν ἐνίσχυσιν τῶν ἀμυντικῶν δυνατοτήτων τῆς χώρας ἐντὸς τοῦ πλαισίου τῆς Συμμαχίας.
ΟΡΓΑΝΩΣΙΝ ΤΩΝ ΜΙΚΡΟΜΕΣΑΙΩΝ ΕΠΙΧΕΙΡΗΣΕΩΝ ΕΙΣ ΕΥΡΥΤΕΡΑΣ ΟΙΚΟΝΟΜΙΚΑΣ ΜΟΝΑΔΑΣ ΕΠΙΔΙΩΚΕΙ Η ΣΥΝΟΜΟΣΠΟΝΔΙΑ ΕΠΑΓΓΕΛΜΑΤΙΩΝ
ΑΘΗΝΑΙ, 6.— Ὁ ὑπουργὸς ἐργασίας ἐξέδωσεν ἀπόφασιν κατὰ τὴν ὁποίαν ἡ σειρὰ τοποθετήσεως τῶν ἀνέργων εἰς τὰ ἐργοστάσια θὰ καθορίζεται βάσει τοῦ χρόνου ἐγγραφῆς των εἰς τὰ κατὰ τόπους ὑποκαταστήματα τοῦ Ὀργανισμοῦ Ἀπασχολήσεως Ἐργατικοῦ Δυναμικοῦ. Ἡ ἀπόφασις αὕτη ἐλήφθη κατόπιν ἐπανειλημμένων διαμαρτυριῶν τῶν ἐργατικῶν σωματείων, τὰ ὁποῖα ἐζήτησαν ὅπως ἡ κατανομὴ τῶν θέσεων γίνεται μετὰ πλήρους δικαιοσύνης καὶ ἀμεροληψίας. Αἱ ἐπιχειρήσεις ὑποχρεοῦνται νὰ ἀνακοινώνουν τὰς κενὰς θέσεις εἰς τὰς ἁρμοδίας ὑπηρεσίας ἐντὸς προθεσμίας ὀκτὼ ἡμερῶν.
ΘΕΣΣΑΛΟΝΙΚΗ, 6.— Διάφορα τροχαῖα ἀτυχήματα συνέβησαν χθὲς εἰς τὴν πόλιν μας καὶ τὴν ὕπαιθρον, ἐκ τῶν ὁποίων ἐφονεύθησαν δύο πρόσωπα καὶ ἐτραυματίσθησαν πέντε. Αἱ ἀρχαὶ ἐνεργοῦν ἀνακρίσεις πρὸς διαπίστωσιν τῶν αἰτίων τῶν ἀτυχημάτων καὶ τῶν τυχὸν εὐθυνῶν τῶν ὁδηγῶν.
Ο κ. ΜΑΝΕΝΤΗΣ ΕΠΕΣΚΕΦΘΗ ΧΘΕΣ ΤΗΝ ΣΙΘΩΝΙΑΝ ΚΑΙ ΤΗΝ ΝΥΚΤΑ ΕΠΕΣΤΡΕΨΕΝ ΕΙΣ ΤΗΝ ΘΕΣΣΑΛΟΝΙΚΗΝ
ΑΘΗΝΑΙ, 6.— Κατὰ τὰς ἐν Ἀθήναις πληροφορίας, ὁ στρατηγὸς ἀφίχθη χθὲς καὶ συνωμίλησε μετὰ τοῦ ὑπουργοῦ Ἐθνικῆς Ἀμύνης καὶ τοῦ ἀρχηγοῦ τοῦ Γενικοῦ Ἐπιτελείου. Αἱ συνομιλίαι ἀφεώρων τὸν ἐφοδιασμὸν τοῦ Ἑλληνικοῦ στρατοῦ μὲ περισσότερον συγχρονισμένα τεχνικὰ μέσα καὶ τὴν ἐνίσχυσιν τῶν ἀμυντικῶν δυνατοτήτων τῆς χώρας ἐντὸς τοῦ πλαισίου τῆς Συμμαχίας.
Κατὰ τὴν χθεσινὴν συνεδρίασιν ἀπεφασίσθη ἡ ὑποβολὴ ὑπομνήματος πρὸς τὸν ἁρμόδιον ὑπουργόν, διὰ τοῦ ὁποίου ζητεῖται ἡ ταχεῖα ἐπίλυσις τῶν ἐκκρεμούντων ζητημάτων τῆς τάξεως καὶ ἡ βελτίωσις τῶν ὅρων ἐργασίας. Ἐπίσης ἐξελέγη νέον διοικητικὸν συμβούλιον.
ΘΕΣΣΑΛΟΝΙΚΗ, 6.— Διάφορα τροχαῖα ἀτυχήματα συνέβησαν χθὲς εἰς τὴν πόλιν μας καὶ τὴν ὕπαιθρον, ἐκ τῶν ὁποίων ἐφονεύθησαν δύο πρόσωπα καὶ ἐτραυματίσθησαν πέντε. Αἱ ἀρχαὶ ἐνεργοῦν ἀνακρίσεις πρὸς διαπίστωσιν τῶν αἰτίων τῶν ἀτυχημάτων καὶ τῶν τυχὸν εὐθυνῶν τῶν ὁδηγῶν.
ΑΘΗΝΑΙ, 6.— Ὁ ὑπουργὸς ἐργασίας ἐξέδωσεν ἀπόφασιν κατὰ τὴν ὁποίαν ἡ σειρὰ τοποθετήσεως τῶν ἀνέργων εἰς τὰ ἐργοστάσια θὰ καθορίζεται βάσει τοῦ χρόνου ἐγγραφῆς των εἰς τὰ κατὰ τόπους ὑποκαταστήματα τοῦ Ὀργανισμοῦ Ἀπασχολήσεως Ἐργατικοῦ Δυναμικοῦ. Ἡ ἀπόφασις αὕτη ἐλήφθη κατόπιν ἐπανειλημμένων διαμαρτυριῶν τῶν ἐργατικῶν σωματείων, τὰ ὁποῖα ἐζήτησαν ὅπως ἡ κατανομὴ τῶν θέσεων γίνεται μετὰ πλήρους δικαιοσύνης καὶ ἀμεροληψίας. Αἱ ἐπιχειρήσεις ὑποχρεοῦνται νὰ ἀνακοινώνουν τὰς κενὰς θέσεις εἰς τὰς ἁρμοδίας ὑπηρεσίας ἐντὸς προθεσμίας ὀκτὼ ἡμερῶν.
ΑΓΝΩΣΤΟΙ ΔΙΕΡΡΗΞΑΝ ΧΡΥΣΟΧΟΕΙΟΝ ΤΩΝ ΑΘΗΝΩΝ ΑΦΑΙΡΕΣΑΝΤΕΣ 8.500 ΕΚ ΤΟΥ ΧΡΗΜΑΤΟΚΙΒΩΤΙΟΥ ΤΟΥ
Κατὰ τὴν χθεσινὴν συνεδρίασιν ἀπεφασίσθη ἡ ὑποβολὴ ὑπομνήματος πρὸς τὸν ἁρμόδιον ὑπουργόν, διὰ τοῦ ὁποίου ζητεῖται ἡ ταχεῖα ἐπίλυσις τῶν ἐκκρεμούντων ζητημάτων τῆς τάξεως καὶ ἡ βελτίωσις τῶν ὅρων ἐργασίας. Ἐπίσης ἐξελέγη νέον διοικητικὸν συμβούλιον.
ΑΘΗΝΑΙ, 6.— Κατὰ τὰς ἐν Ἀθήναις πληροφορίας, ὁ στρατηγὸς ἀφίχθη χθὲς καὶ συνωμίλησε μετὰ τοῦ ὑπουργοῦ Ἐθνικῆς Ἀμύνης καὶ τοῦ ἀρχηγοῦ τοῦ Γενικοῦ Ἐπιτελείου. Αἱ συνομιλίαι ἀφεώρων τὸν ἐφοδιασμὸν τοῦ Ἑλληνικοῦ στρατοῦ μὲ περισσότερον συγχρονισμένα τεχνικὰ μέσα καὶ τὴν ἐνίσχυσιν τῶν ἀμυντικῶν δυνατοτήτων τῆς χώρας ἐντὸς τοῦ πλαισίου τῆς Συμμαχίας.
ΣΥΝΕΚΡΟΤΗΘΗ ΣΥΣΚΕΨΙΣ ΑΡΜΟΔΙΩΝ ΠΑΡΑΓΟΝΤΩΝ ΕΠΙ ΤΗΣ ΑΝΑΠΡΟΣΑΡΜΟΓΗΣ ΤΩΝ ΣΥΝΤΑΞΕΩΝ ΤΟΥ ΙΚΑ
ΘΕΣΣΑΛΟΝΙΚΗ, 6.— Διάφορα τροχαῖα ἀτυχήματα συνέβησαν χθὲς εἰς τὴν πόλιν μας καὶ τὴν ὕπαιθρον, ἐκ τῶν ὁποίων ἐφονεύθησαν δύο πρόσωπα καὶ ἐτραυματίσθησαν πέντε. Αἱ ἀρχαὶ ἐνεργοῦν ἀνακρίσεις πρὸς διαπίστωσιν τῶν αἰτίων τῶν ἀτυχημάτων καὶ τῶν τυχὸν εὐθυνῶν τῶν ὁδηγῶν.
Κατὰ τὴν χθεσινὴν συνεδρίασιν ἀπεφασίσθη ἡ ὑποβολὴ ὑπομνήματος πρὸς τὸν ἁρμόδιον ὑπουργόν, διὰ τοῦ ὁποίου ζητεῖται ἡ ταχεῖα ἐπίλυσις τῶν ἐκκρεμούντων ζητημάτων τῆς τάξεως καὶ ἡ βελτίωσις τῶν ὅρων ἐργασίας. Ἐπίσης ἐξελέγη νέον διοικητικὸν συμβούλιον.
ΠΑΡΑΤΑΣΙΣ ΤΗΣ ΠΡΟΘΕΣΜΙΑΣ ΥΠΟΒΟΛΗΣ ΑΙΤΗΣΕΩΝ ΤΩΝ ΕΓΚΑΤΑΛΕΙΨΑΝΤΩΝ ΑΚΙΝΗΤΑ ΕΙΣ ΓΙΟΥΓΚΟΣΛΑΒΙΑΝ
ΑΘΗΝΑΙ, 6.— Ὁ ὑπουργὸς ἐργασίας ἐξέδωσεν ἀπόφασιν κατὰ τὴν ὁποίαν ἡ σειρὰ τοποθετήσεως τῶν ἀνέργων εἰς τὰ ἐργοστάσια θὰ καθορίζεται βάσει τοῦ χρόνου ἐγγραφῆς των εἰς τὰ κατὰ τόπους ὑποκαταστήματα τοῦ Ὀργανισμοῦ Ἀπασχολήσεως Ἐργατικοῦ Δυναμικοῦ. Ἡ ἀπόφασις αὕτη ἐλήφθη κατόπιν ἐπανειλημμένων διαμαρτυριῶν τῶν ἐργατικῶν σωματείων, τὰ ὁποῖα ἐζήτησαν ὅπως ἡ κατανομὴ τῶν θέσεων γίνεται μετὰ πλήρους δικαιοσύνης καὶ ἀμεροληψίας. Αἱ ἐπιχειρήσεις ὑποχρεοῦνται νὰ ἀνακοινώνουν τὰς κενὰς θέσεις εἰς τὰς ἁρμοδίας ὑπηρεσίας ἐντὸς προθεσμίας ὀκτὼ ἡμερῶν.
ΑΘΗΝΑΙ, 6.— Κατὰ τὰς ἐν Ἀθήναις πληροφορίας, ὁ στρατηγὸς ἀφίχθη χθὲς καὶ συνωμίλησε μετὰ τοῦ ὑπουργοῦ Ἐθνικῆς Ἀμύνης καὶ τοῦ ἀρχηγοῦ τοῦ Γενικοῦ Ἐπιτελείου. Αἱ συνομιλίαι ἀφεώρων τὸν ἐφοδιασμὸν τοῦ Ἑλληνικοῦ στρατοῦ μὲ περισσότερον συγχρονισμένα τεχνικὰ μέσα καὶ τὴν ἐνίσχυσιν τῶν ἀμυντικῶν δυνατοτήτων τῆς χώρας ἐντὸς τοῦ πλαισίου τῆς Συμμαχίας.
ΟΙ ΕΡΓΑΖΟΜΕΝΟΙ ΕΙΣ ΤΟ ΓΕΡΜΑΝΙΚΟΝ ΕΡΓΟΣΤΑΣΙΟΝ
Τὸ προσωπικὸν τοῦ ἐργοστασίου ἑτοίμων ἐνδυμάτων φὸν Μπάουμ, τῆς ὁποίας ἐγκατεστάθη εἰς τὴν ἐργοστασιακὴν περιοχήν.
ΑΘΗΝΑΙ, 6.— Ὁ ὑπουργὸς ἐργασίας ἐξέδωσεν ἀπόφασιν κατὰ τὴν ὁποίαν ἡ σειρὰ τοποθετήσεως τῶν ἀνέργων εἰς τὰ ἐργοστάσια θὰ καθορίζεται βάσει τοῦ χρόνου ἐγγραφῆς των εἰς τὰ κατὰ τόπους ὑποκαταστήματα τοῦ Ὀργανισμοῦ Ἀπασχολήσεως Ἐργατικοῦ Δυναμικοῦ. Ἡ ἀπόφασις αὕτη ἐλήφθη κατόπιν ἐπανειλημμένων διαμαρτυριῶν τῶν ἐργατικῶν σωματείων, τὰ ὁποῖα ἐζήτησαν ὅπως ἡ κατανομὴ τῶν θέσεων γίνεται μετὰ πλήρους δικαιοσύνης καὶ ἀμεροληψίας. Αἱ ἐπιχειρήσεις ὑποχρεοῦνται νὰ ἀνακοινώνουν τὰς κενὰς θέσεις εἰς τὰς ἁρμοδίας ὑπηρεσίας ἐντὸς προθεσμίας ὀκτὼ ἡμερῶν.
